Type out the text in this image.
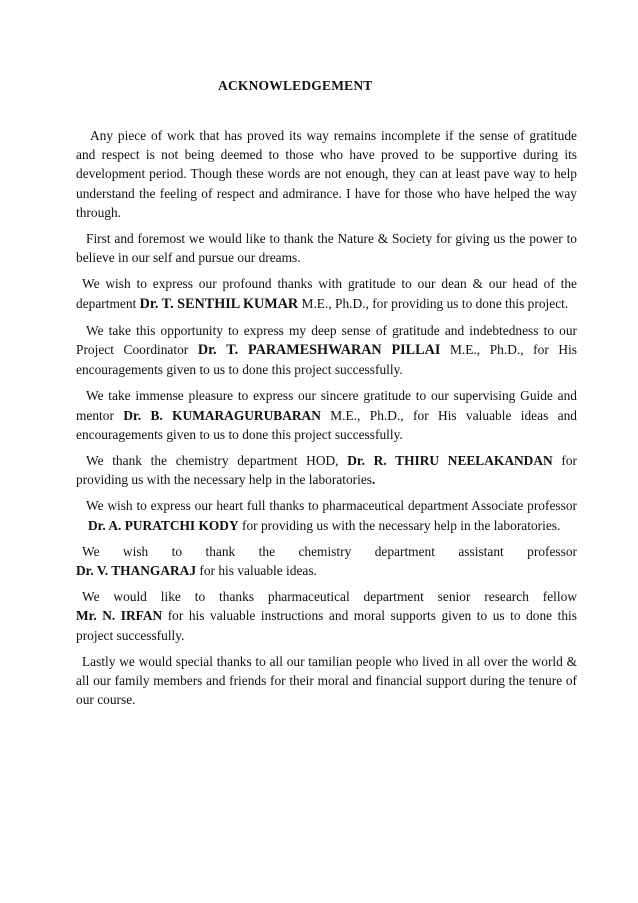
ACKNOWLEDGEMENT

Any piece of work that has proved its way remains incomplete if the sense of gratitude and respect is not being deemed to those who have proved to be supportive during its development period. Though these words are not enough, they can at least pave way to help understand the feeling of respect and admirance. I have for those who have helped the way through.

First and foremost we would like to thank the Nature & Society for giving us the power to believe in our self and pursue our dreams.

We wish to express our profound thanks with gratitude to our dean & our head of the department Dr. T. SENTHIL KUMAR M.E., Ph.D., for providing us to done this project.

We take this opportunity to express my deep sense of gratitude and indebtedness to our Project Coordinator Dr. T. PARAMESHWARAN PILLAI M.E., Ph.D., for His encouragements given to us to done this project successfully.

We take immense pleasure to express our sincere gratitude to our supervising Guide and mentor Dr. B. KUMARAGURUBARAN M.E., Ph.D., for His valuable ideas and encouragements given to us to done this project successfully.

We thank the chemistry department HOD, Dr. R. THIRU NEELAKANDAN for providing us with the necessary help in the laboratories.

We wish to express our heart full thanks to pharmaceutical department Associate professorDr. A. PURATCHI KODY for providing us with the necessary help in the laboratories.

We wish to thank the chemistry department assistant professor
Dr. V. THANGARAJ for his valuable ideas.

We would like to thanks pharmaceutical department senior research fellow
Mr. N. IRFAN for his valuable instructions and moral supports given to us to done this project successfully.

Lastly we would special thanks to all our tamilian people who lived in all over the world & all our family members and friends for their moral and financial support during the tenure of our course.
